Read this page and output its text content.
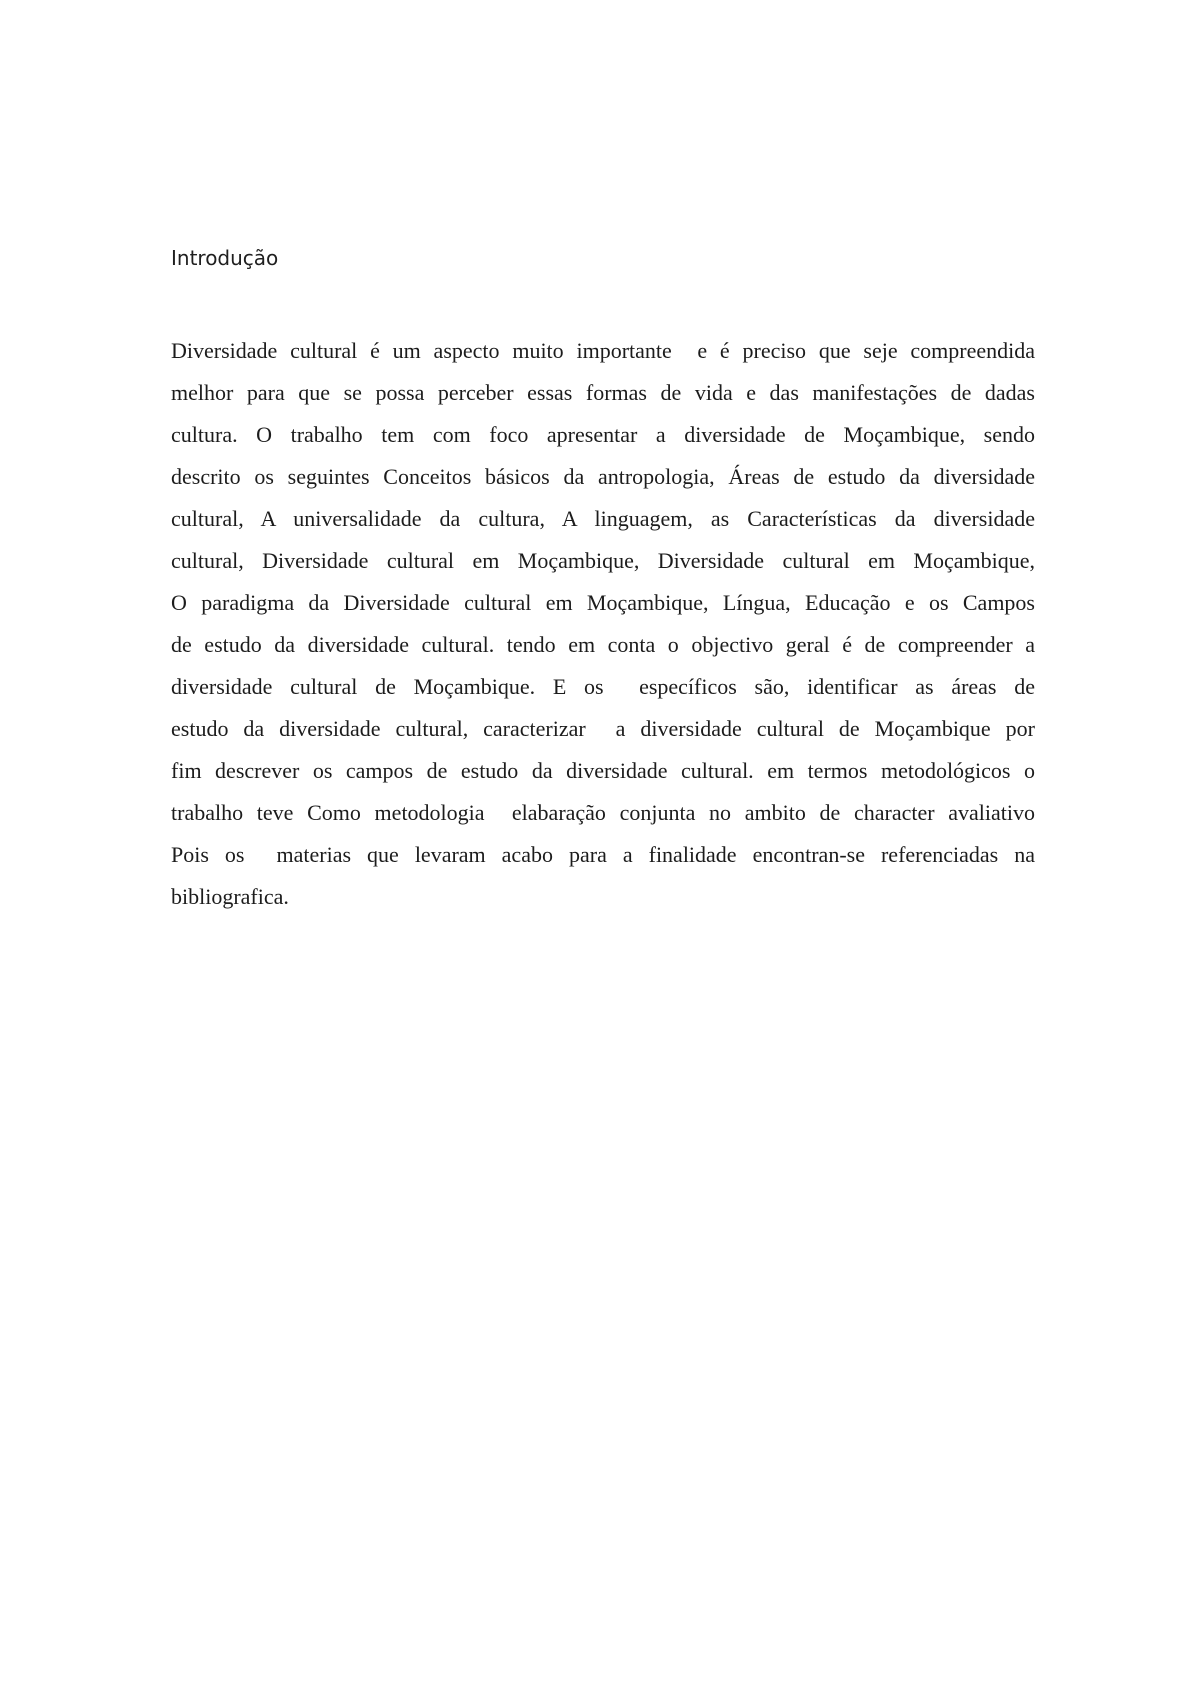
Introdução
Diversidade cultural é um aspecto muito importante  e é preciso que seje compreendida
melhor para que se possa perceber essas formas de vida e das manifestações de dadas
cultura. O trabalho tem com foco apresentar a diversidade de Moçambique, sendo
descrito os seguintes Conceitos básicos da antropologia, Áreas de estudo da diversidade
cultural, A universalidade da cultura, A linguagem, as Características da diversidade
cultural, Diversidade cultural em Moçambique, Diversidade cultural em Moçambique,
O paradigma da Diversidade cultural em Moçambique, Língua, Educação e os Campos
de estudo da diversidade cultural. tendo em conta o objectivo geral é de compreender a
diversidade cultural de Moçambique. E os  específicos são, identificar as áreas de
estudo da diversidade cultural, caracterizar  a diversidade cultural de Moçambique por
fim descrever os campos de estudo da diversidade cultural. em termos metodológicos o
trabalho teve Como metodologia  elabaração conjunta no ambito de character avaliativo
Pois os  materias que levaram acabo para a finalidade encontran-se referenciadas na
bibliografica.
